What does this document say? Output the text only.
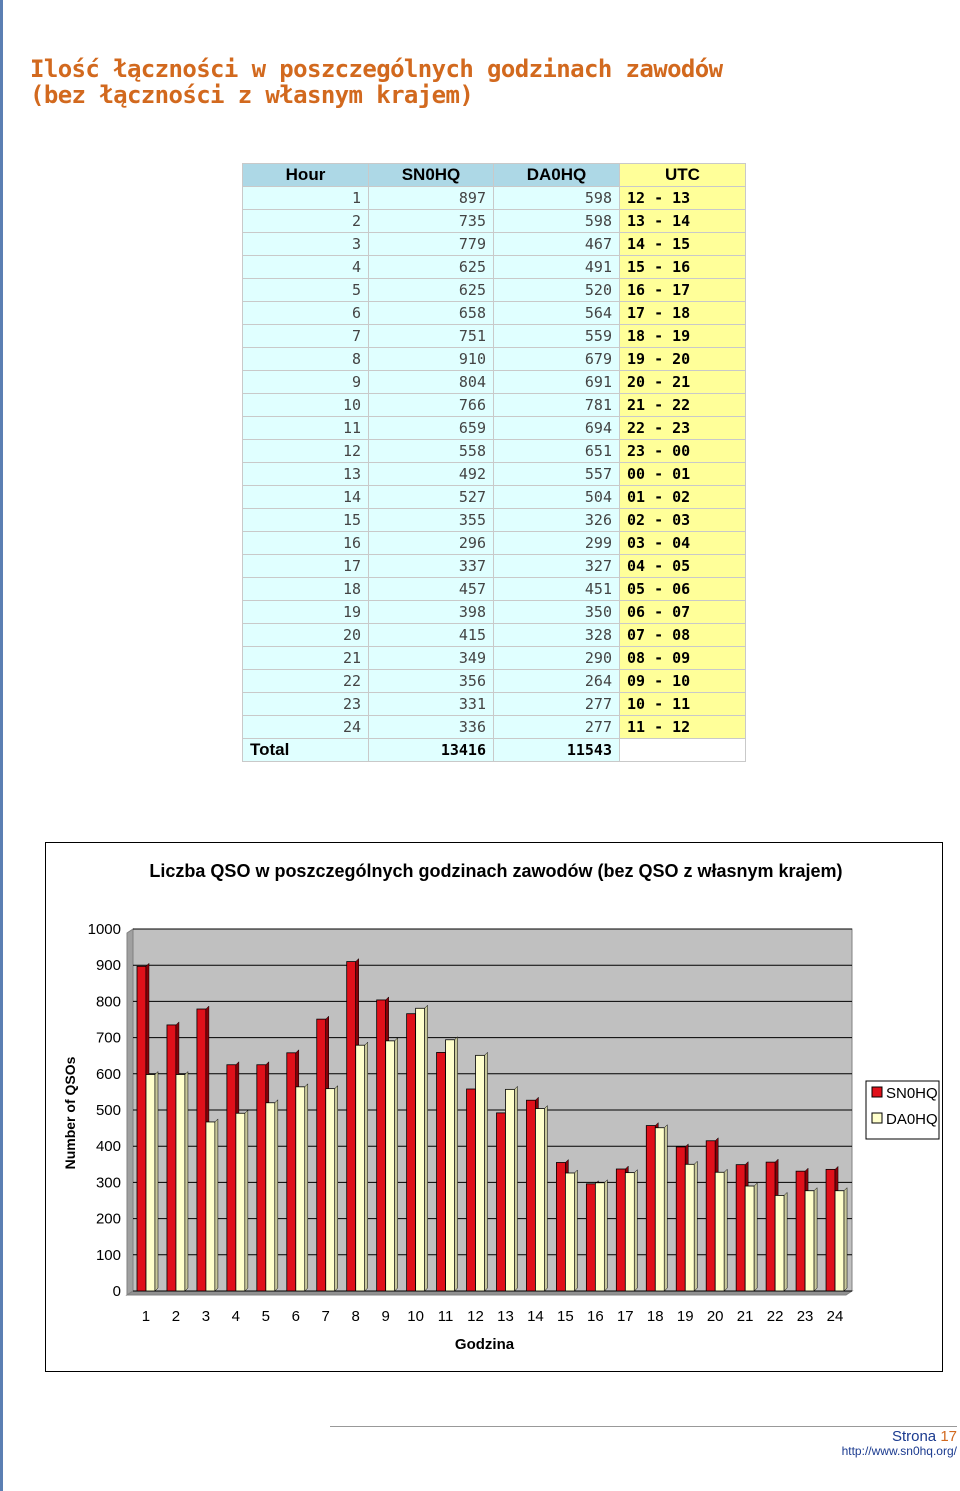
Ilość łączności w poszczególnych godzinach zawodów
(bez łączności z własnym krajem)
Hour	SN0HQ	DA0HQ	UTC
1	897	598	12 - 13
2	735	598	13 - 14
3	779	467	14 - 15
4	625	491	15 - 16
5	625	520	16 - 17
6	658	564	17 - 18
7	751	559	18 - 19
8	910	679	19 - 20
9	804	691	20 - 21
10	766	781	21 - 22
11	659	694	22 - 23
12	558	651	23 - 00
13	492	557	00 - 01
14	527	504	01 - 02
15	355	326	02 - 03
16	296	299	03 - 04
17	337	327	04 - 05
18	457	451	05 - 06
19	398	350	06 - 07
20	415	328	07 - 08
21	349	290	08 - 09
22	356	264	09 - 10
23	331	277	10 - 11
24	336	277	11 - 12
Total	13416	11543	
Liczba QSO w poszczególnych godzinach zawodów (bez QSO z własnym krajem)
0
100
200
300
400
500
600
700
800
900
1000
Number of QSOs
Godzina
1 2 3 4 5 6 7 8 9 10 11 12 13 14 15 16 17 18 19 20 21 22 23 24
SN0HQ
DA0HQ
Strona 17
http://www.sn0hq.org/
